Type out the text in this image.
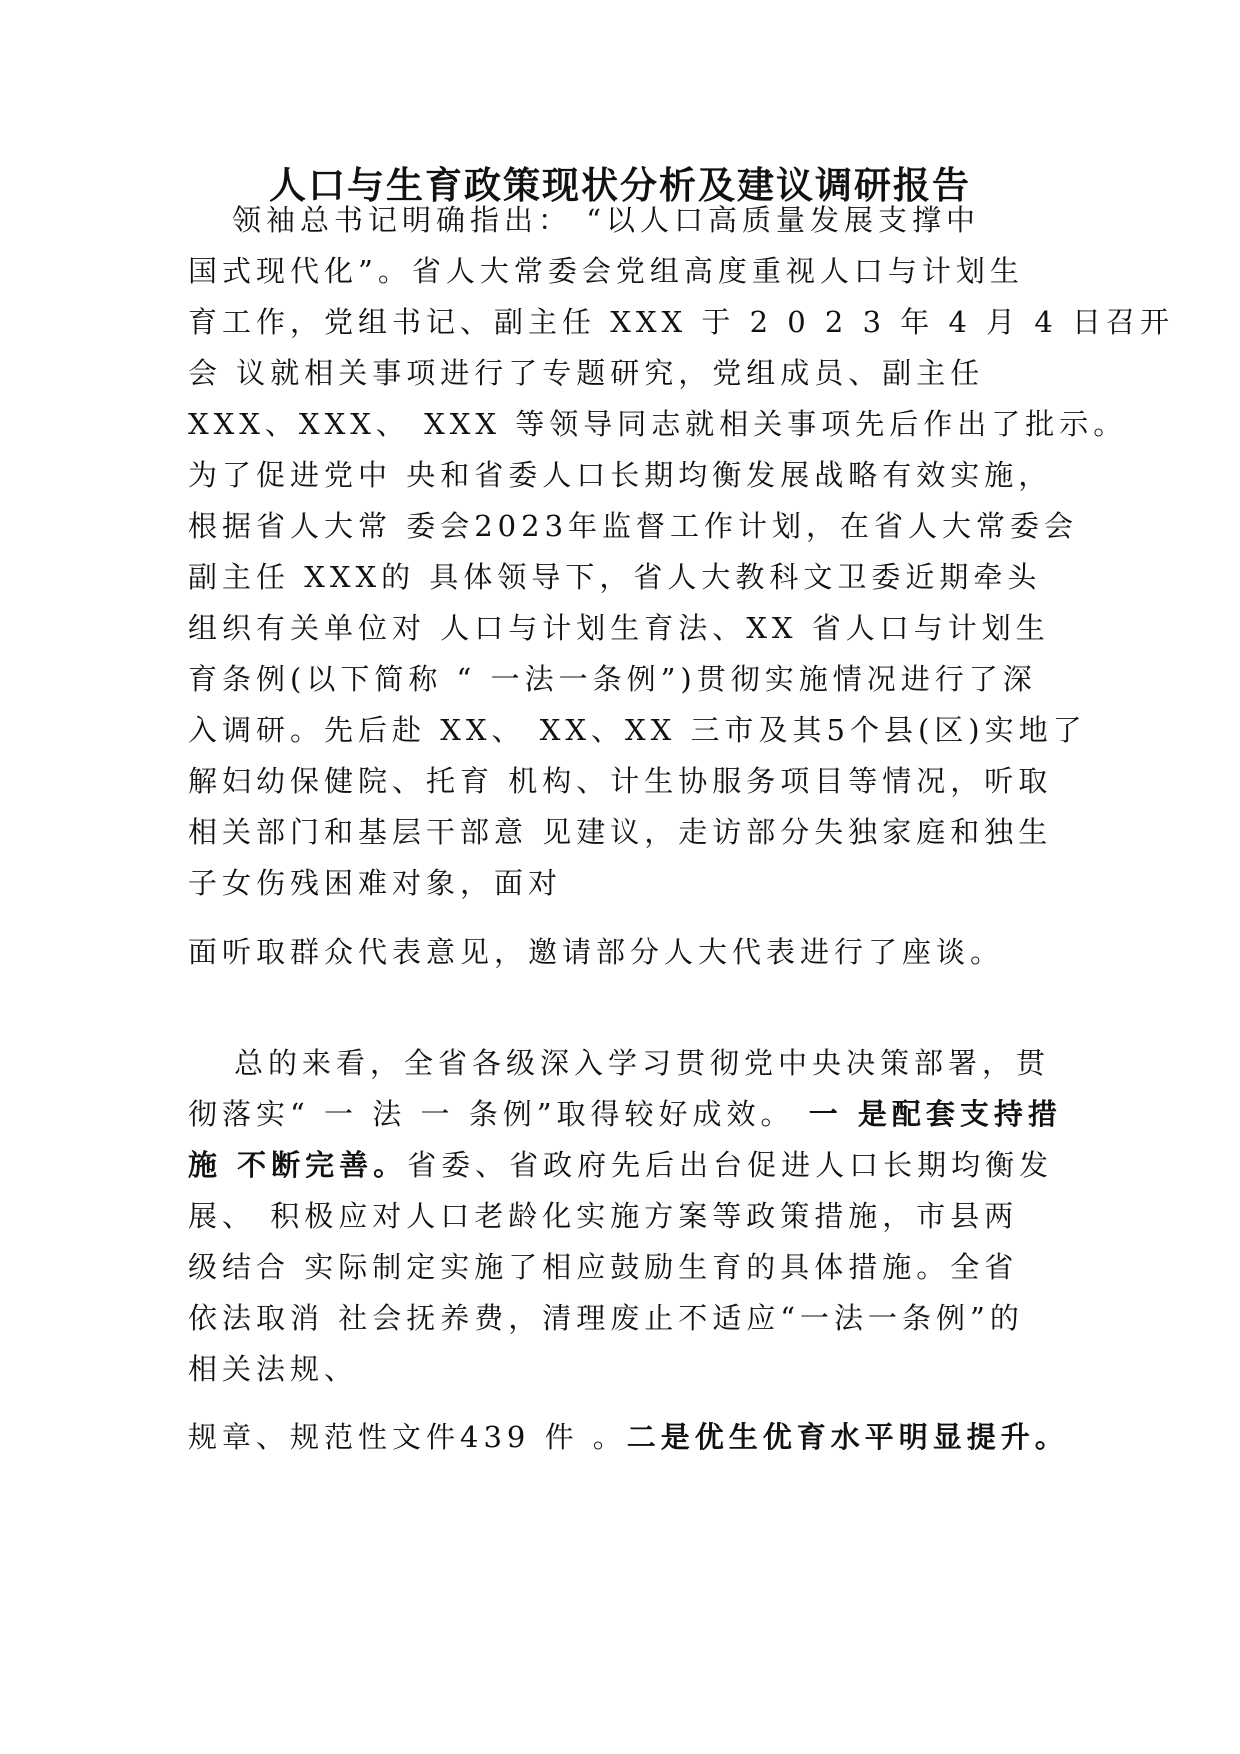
人口与生育政策现状分析及建议调研报告
领袖总书记明确指出： “以人口高质量发展支撑中
国式现代化”。省人大常委会党组高度重视人口与计划生
育工作，党组书记、副主任 XXX 于 2 0 2 3 年 4 月 4 日召开
会 议就相关事项进行了专题研究，党组成员、副主任
XXX、XXX、 XXX 等领导同志就相关事项先后作出了批示。
为了促进党中 央和省委人口长期均衡发展战略有效实施，
根据省人大常 委会2023年监督工作计划，在省人大常委会
副主任 XXX的 具体领导下，省人大教科文卫委近期牵头
组织有关单位对 人口与计划生育法、XX 省人口与计划生
育条例(以下简称 “ 一法一条例”)贯彻实施情况进行了深
入调研。先后赴 XX、 XX、XX 三市及其5个县(区)实地了
解妇幼保健院、托育 机构、计生协服务项目等情况，听取
相关部门和基层干部意 见建议，走访部分失独家庭和独生
子女伤残困难对象，面对
面听取群众代表意见，邀请部分人大代表进行了座谈。
总的来看，全省各级深入学习贯彻党中央决策部署，贯
彻落实“ 一 法 一 条例”取得较好成效。 一 是配套支持措
施 不断完善。省委、省政府先后出台促进人口长期均衡发
展、 积极应对人口老龄化实施方案等政策措施，市县两
级结合 实际制定实施了相应鼓励生育的具体措施。全省
依法取消 社会抚养费，清理废止不适应“一法一条例”的
相关法规、
规章、规范性文件439 件 。二是优生优育水平明显提升。
